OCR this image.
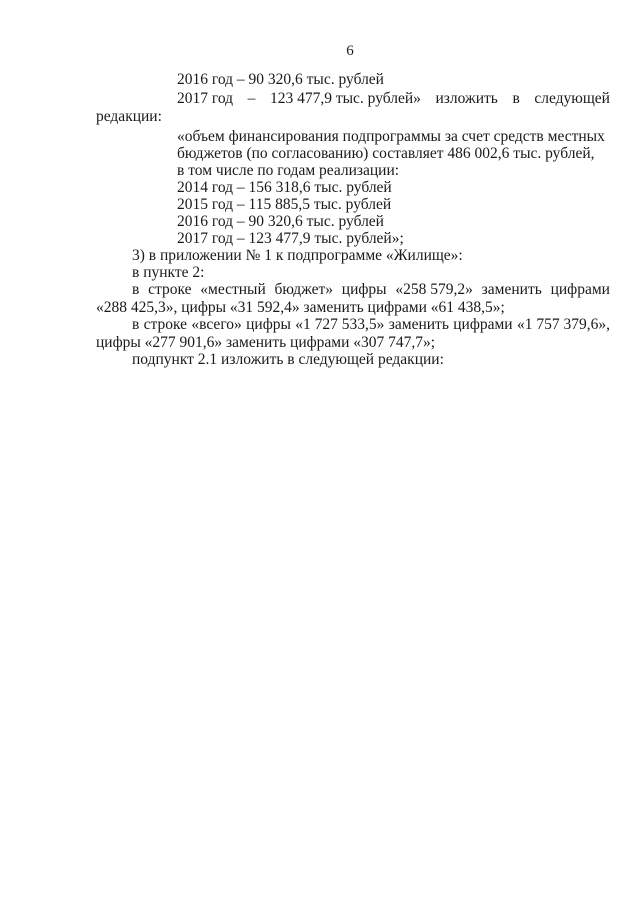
6
2016 год – 90 320,6 тыс. рублей
2017 год – 123 477,9 тыс. рублей» изложить в следующей
редакции:
«объем финансирования подпрограммы за счет средств местных
бюджетов (по согласованию) составляет 486 002,6 тыс. рублей,
в том числе по годам реализации:
2014 год – 156 318,6 тыс. рублей
2015 год – 115 885,5 тыс. рублей
2016 год – 90 320,6 тыс. рублей
2017 год – 123 477,9 тыс. рублей»;
3) в приложении № 1 к подпрограмме «Жилище»:
в пункте 2:
в строке «местный бюджет» цифры «258 579,2» заменить цифрами
«288 425,3», цифры «31 592,4» заменить цифрами «61 438,5»;
в строке «всего» цифры «1 727 533,5» заменить цифрами «1 757 379,6»,
цифры «277 901,6» заменить цифрами «307 747,7»;
подпункт 2.1 изложить в следующей редакции:
